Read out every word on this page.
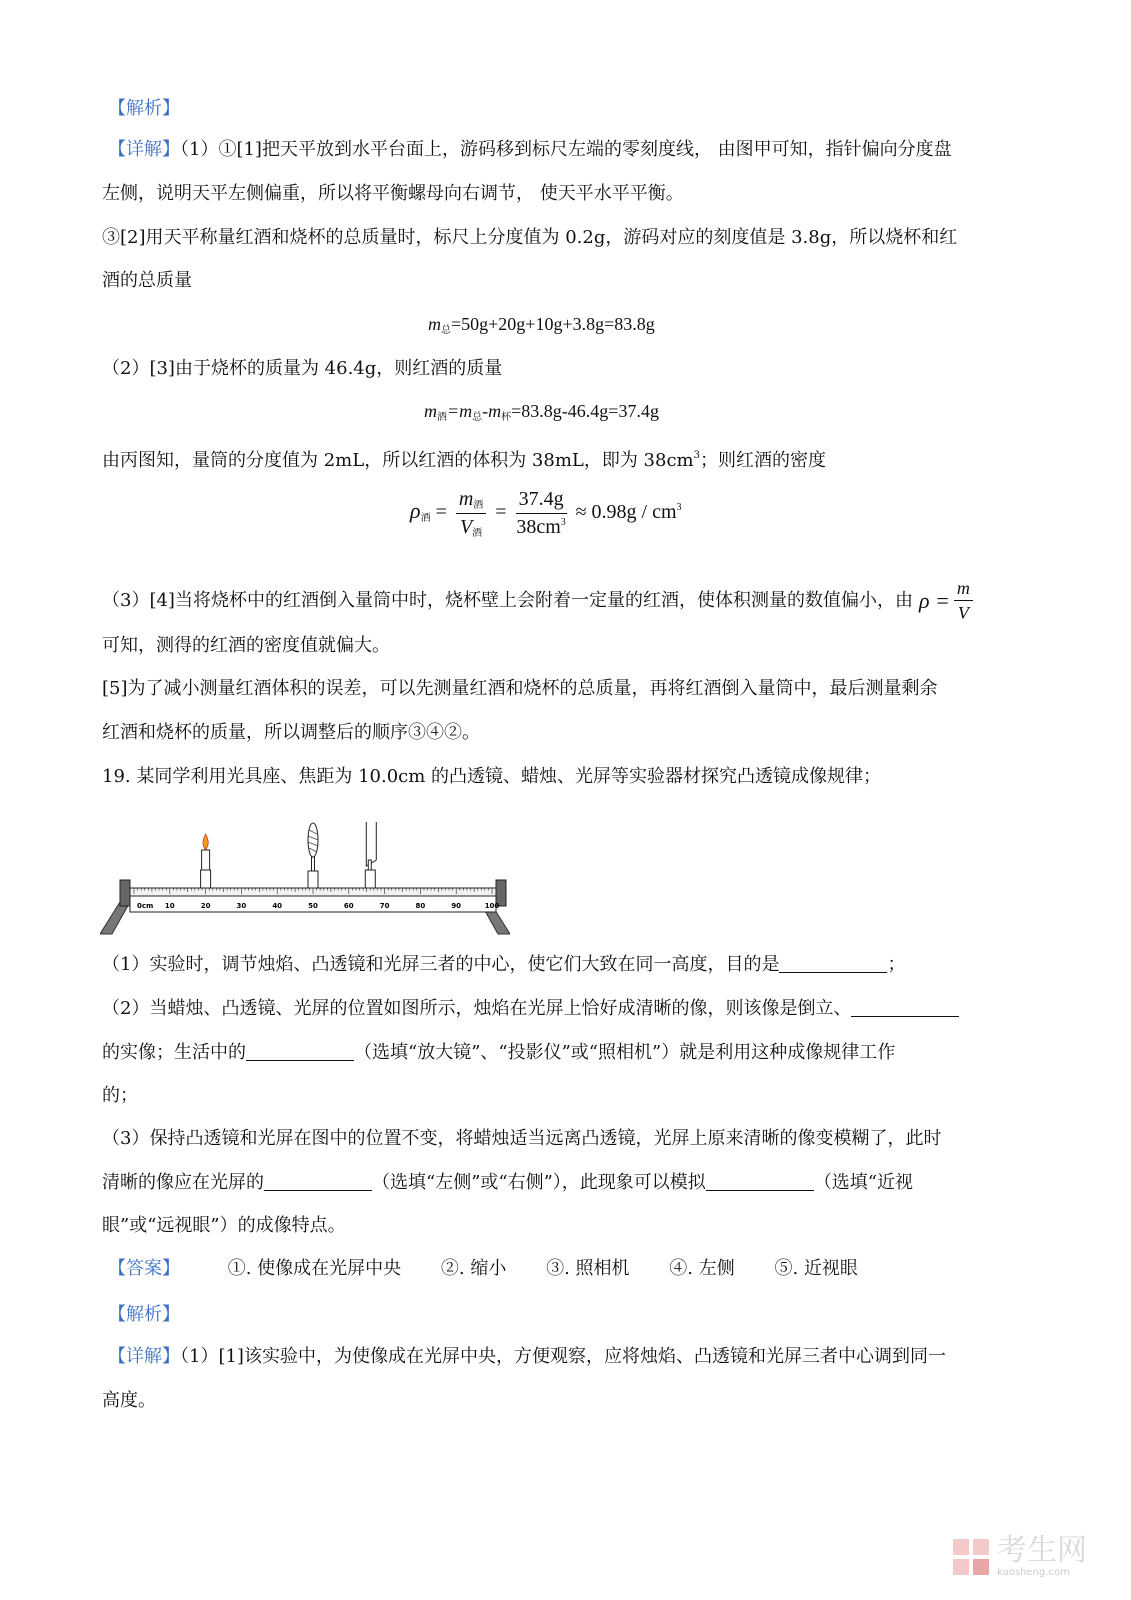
【解析】
【详解】（1）①[1]把天平放到水平台面上，游码移到标尺左端的零刻度线， 由图甲可知，指针偏向分度盘
左侧，说明天平左侧偏重，所以将平衡螺母向右调节， 使天平水平平衡。
③[2]用天平称量红酒和烧杯的总质量时，标尺上分度值为 0.2g，游码对应的刻度值是 3.8g，所以烧杯和红
酒的总质量
$m_总=50g+20g+10g+3.8g=83.8g$
（2）[3]由于烧杯的质量为 46.4g，则红酒的质量
$m_酒=m_总-m_杯=83.8g-46.4g=37.4g$
由丙图知，量筒的分度值为 2mL，所以红酒的体积为 38mL，即为 $38cm^3$；则红酒的密度
$\rho_酒 = \frac{m_酒}{V_酒} = \frac{37.4g}{38cm^3} \approx 0.98g / cm^3$
（3）[4]当将烧杯中的红酒倒入量筒中时，烧杯壁上会附着一定量的红酒，使体积测量的数值偏小，由 $\rho = \frac{m}{V}$
可知，测得的红酒的密度值就偏大。
[5]为了减小测量红酒体积的误差，可以先测量红酒和烧杯的总质量，再将红酒倒入量筒中，最后测量剩余
红酒和烧杯的质量，所以调整后的顺序③④②。
19. 某同学利用光具座、焦距为 10.0cm 的凸透镜、蜡烛、光屏等实验器材探究凸透镜成像规律；
0cm 10	20	30	40	50	60	70	80	90	100
（1）实验时，调节烛焰、凸透镜和光屏三者的中心，使它们大致在同一高度，目的是	；
（2）当蜡烛、凸透镜、光屏的位置如图所示，烛焰在光屏上恰好成清晰的像，则该像是倒立、
的实像；生活中的	（选填“放大镜”、“投影仪”或“照相机”）就是利用这种成像规律工作
的；
（3）保持凸透镜和光屏在图中的位置不变，将蜡烛适当远离凸透镜，光屏上原来清晰的像变模糊了，此时
清晰的像应在光屏的	（选填“左侧”或“右侧”），此现象可以模拟	（选填“近视
眼”或“远视眼”）的成像特点。
【答案】	①. 使像成在光屏中央 ②. 缩小 ③. 照相机 ④. 左侧 ⑤. 近视眼
【解析】
【详解】（1）[1]该实验中，为使像成在光屏中央，方便观察，应将烛焰、凸透镜和光屏三者中心调到同一
高度。
考生网
kaosheng.com
